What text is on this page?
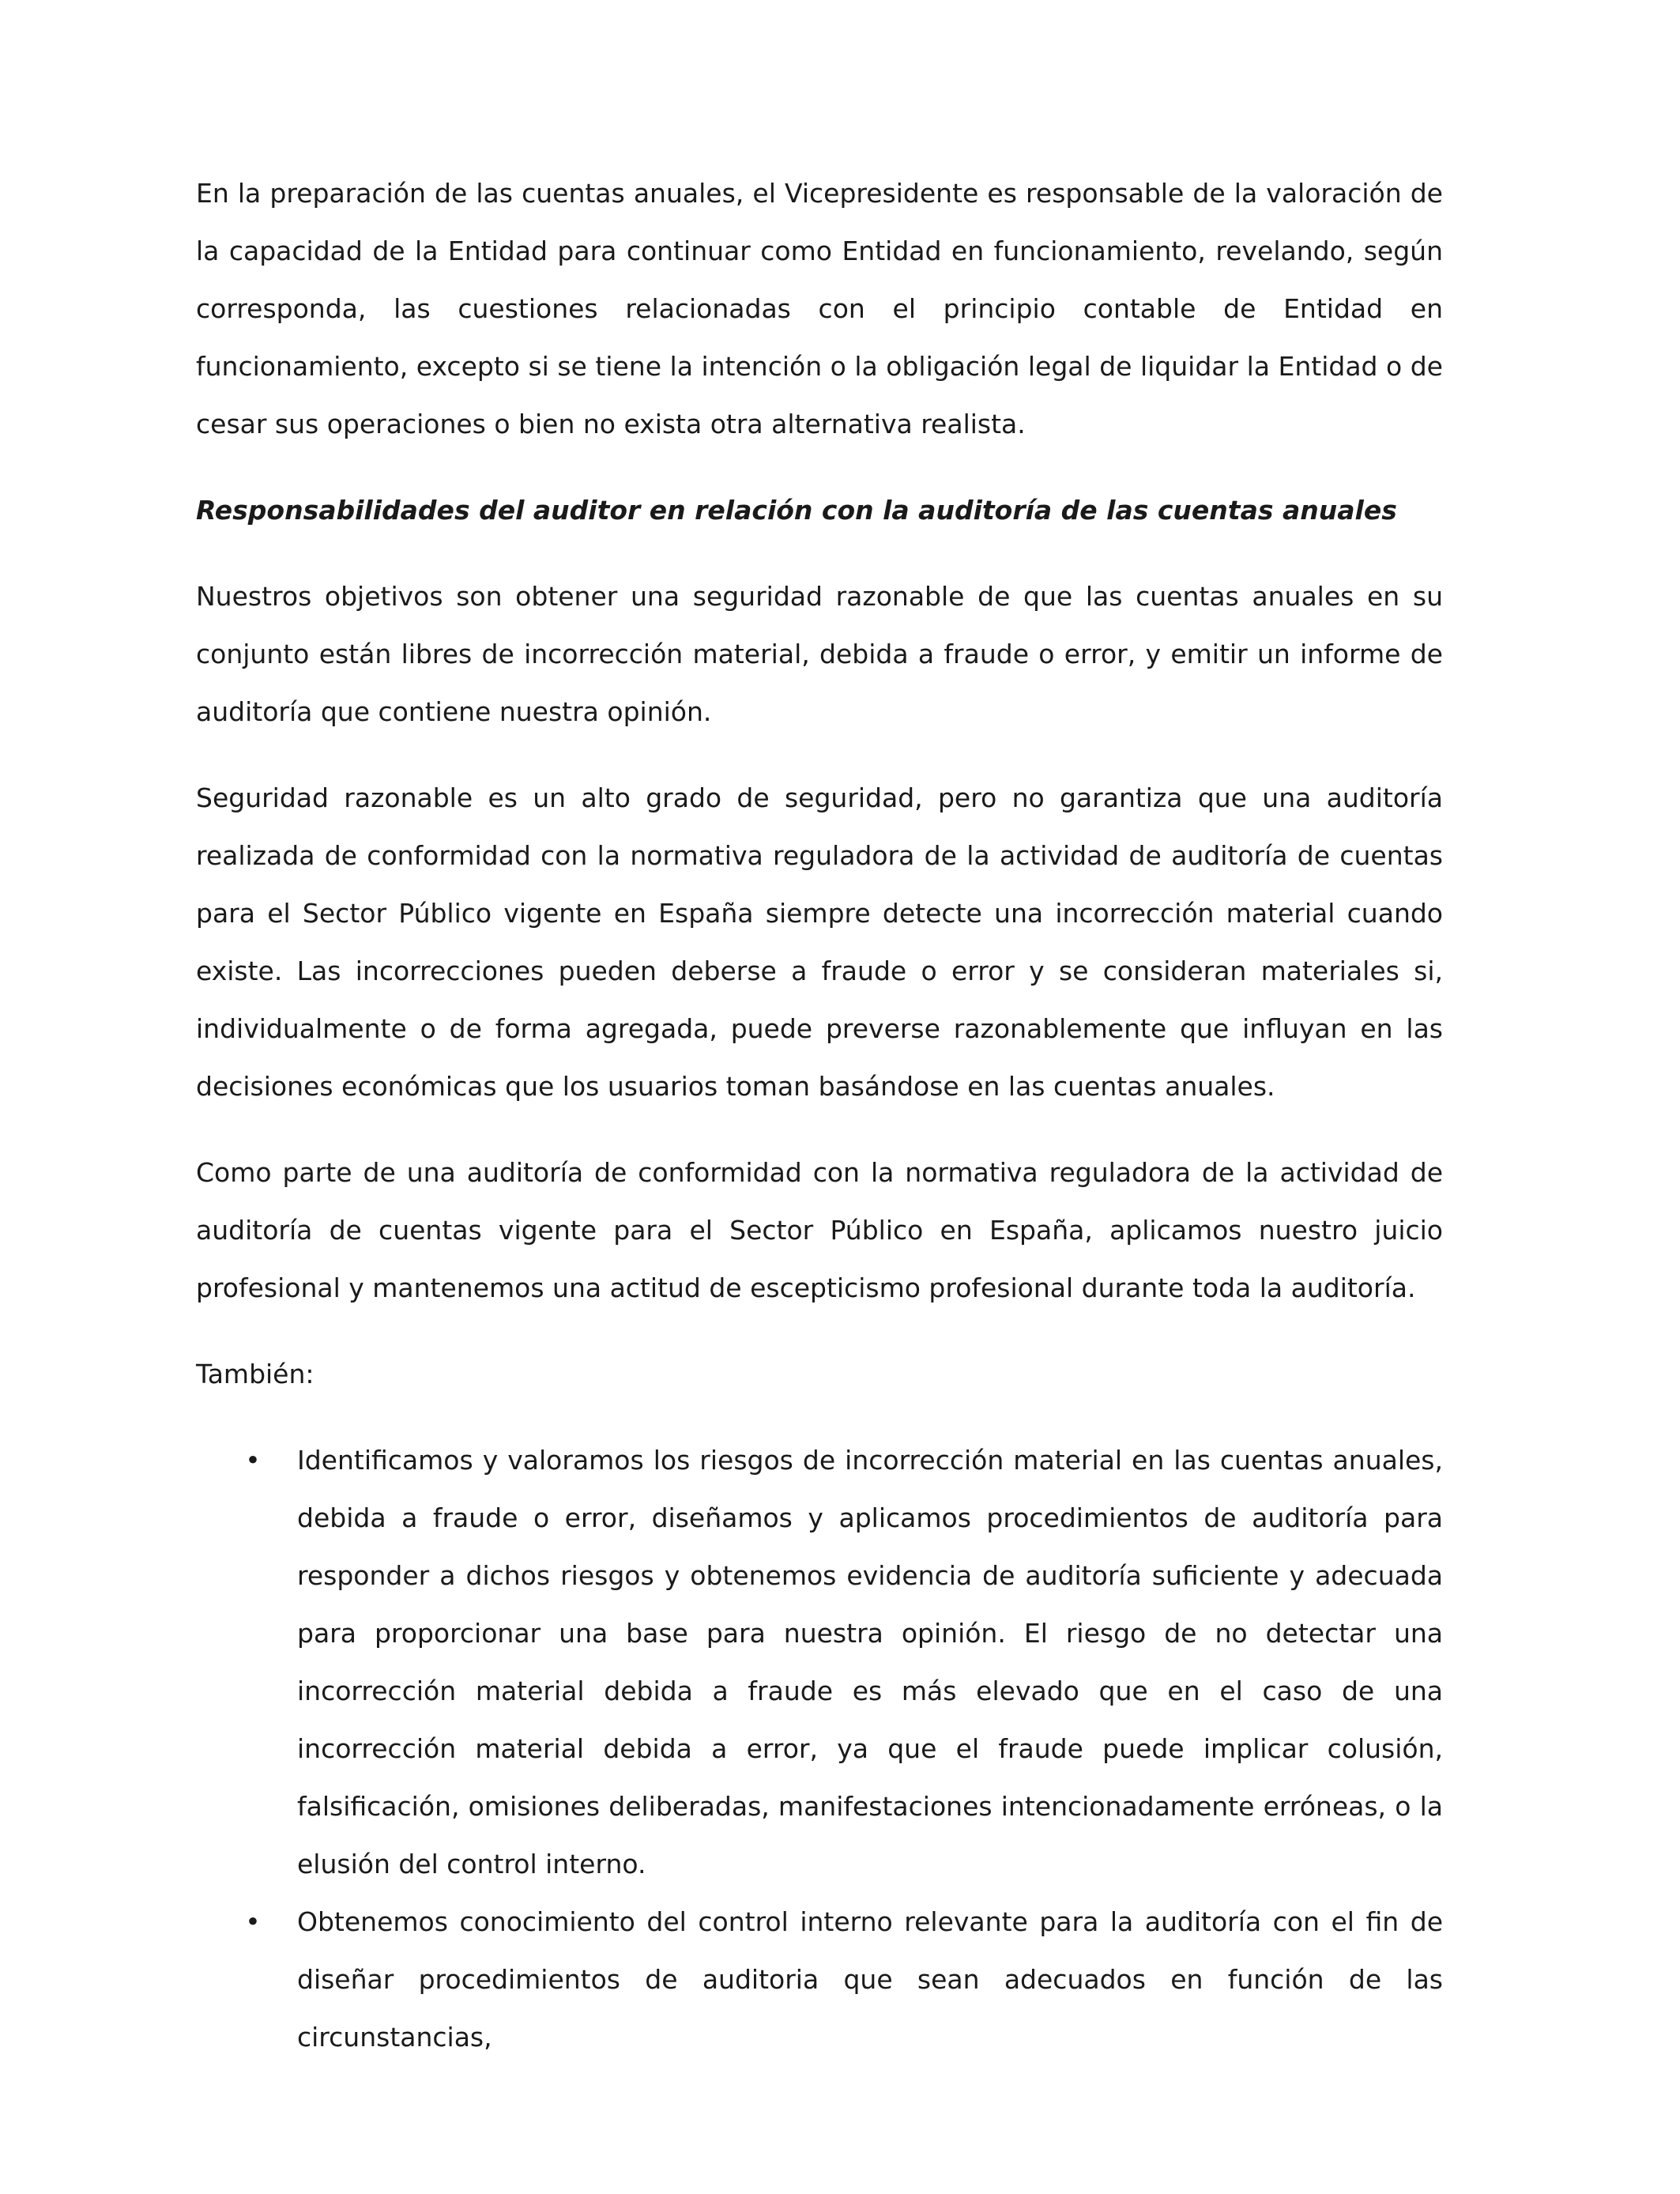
En la preparación de las cuentas anuales, el Vicepresidente es responsable de la valoración de la capacidad de la Entidad para continuar como Entidad en funcionamiento, revelando, según corresponda, las cuestiones relacionadas con el principio contable de Entidad en funcionamiento, excepto si se tiene la intención o la obligación legal de liquidar la Entidad o de cesar sus operaciones o bien no exista otra alternativa realista.

Responsabilidades del auditor en relación con la auditoría de las cuentas anuales

Nuestros objetivos son obtener una seguridad razonable de que las cuentas anuales en su conjunto están libres de incorrección material, debida a fraude o error, y emitir un informe de auditoría que contiene nuestra opinión.

Seguridad razonable es un alto grado de seguridad, pero no garantiza que una auditoría realizada de conformidad con la normativa reguladora de la actividad de auditoría de cuentas para el Sector Público vigente en España siempre detecte una incorrección material cuando existe. Las incorrecciones pueden deberse a fraude o error y se consideran materiales si, individualmente o de forma agregada, puede preverse razonablemente que influyan en las decisiones económicas que los usuarios toman basándose en las cuentas anuales.

Como parte de una auditoría de conformidad con la normativa reguladora de la actividad de auditoría de cuentas vigente para el Sector Público en España, aplicamos nuestro juicio profesional y mantenemos una actitud de escepticismo profesional durante toda la auditoría.

También:

• Identificamos y valoramos los riesgos de incorrección material en las cuentas anuales, debida a fraude o error, diseñamos y aplicamos procedimientos de auditoría para responder a dichos riesgos y obtenemos evidencia de auditoría suficiente y adecuada para proporcionar una base para nuestra opinión. El riesgo de no detectar una incorrección material debida a fraude es más elevado que en el caso de una incorrección material debida a error, ya que el fraude puede implicar colusión, falsificación, omisiones deliberadas, manifestaciones intencionadamente erróneas, o la elusión del control interno.
• Obtenemos conocimiento del control interno relevante para la auditoría con el fin de diseñar procedimientos de auditoria que sean adecuados en función de las circunstancias,
